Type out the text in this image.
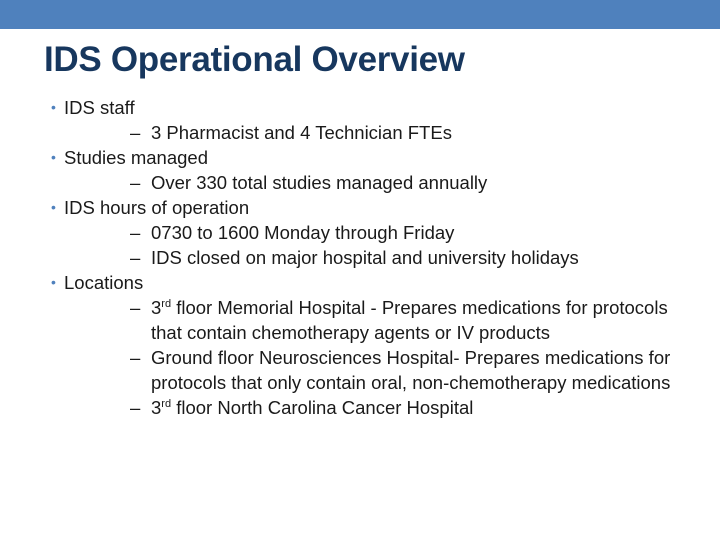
IDS Operational Overview
• IDS staff
– 3 Pharmacist and 4 Technician FTEs
• Studies managed
– Over 330 total studies managed annually
• IDS hours of operation
– 0730 to 1600 Monday through Friday
– IDS closed on major hospital and university holidays
• Locations
– 3rd floor Memorial Hospital - Prepares medications for protocols that contain chemotherapy agents or IV products
– Ground floor Neurosciences Hospital- Prepares medications for protocols that only contain oral, non-chemotherapy medications
– 3rd floor North Carolina Cancer Hospital
